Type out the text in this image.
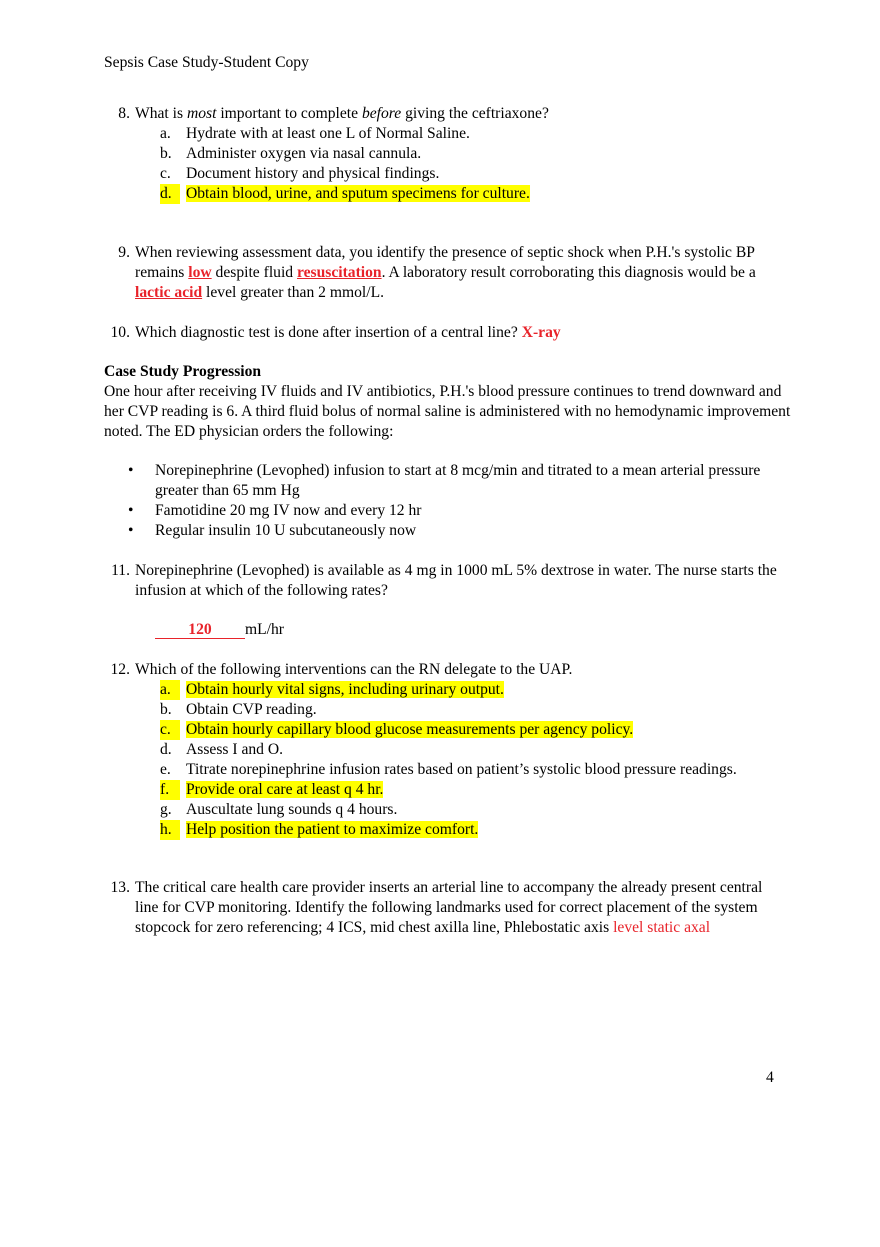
Sepsis Case Study-Student Copy
8. What is most important to complete before giving the ceftriaxone?
a. Hydrate with at least one L of Normal Saline.
b. Administer oxygen via nasal cannula.
c. Document history and physical findings.
d. Obtain blood, urine, and sputum specimens for culture.
9. When reviewing assessment data, you identify the presence of septic shock when P.H.'s systolic BP remains low despite fluid resuscitation. A laboratory result corroborating this diagnosis would be a lactic acid level greater than 2 mmol/L.
10. Which diagnostic test is done after insertion of a central line? X-ray
Case Study Progression
One hour after receiving IV fluids and IV antibiotics, P.H.'s blood pressure continues to trend downward and her CVP reading is 6. A third fluid bolus of normal saline is administered with no hemodynamic improvement noted. The ED physician orders the following:
• Norepinephrine (Levophed) infusion to start at 8 mcg/min and titrated to a mean arterial pressure greater than 65 mm Hg
• Famotidine 20 mg IV now and every 12 hr
• Regular insulin 10 U subcutaneously now
11. Norepinephrine (Levophed) is available as 4 mg in 1000 mL 5% dextrose in water. The nurse starts the infusion at which of the following rates?
120 mL/hr
12. Which of the following interventions can the RN delegate to the UAP.
a. Obtain hourly vital signs, including urinary output.
b. Obtain CVP reading.
c. Obtain hourly capillary blood glucose measurements per agency policy.
d. Assess I and O.
e. Titrate norepinephrine infusion rates based on patient’s systolic blood pressure readings.
f.	Provide oral care at least q 4 hr.
g. Auscultate lung sounds q 4 hours.
h. Help position the patient to maximize comfort.
13. The critical care health care provider inserts an arterial line to accompany the already present central line for CVP monitoring. Identify the following landmarks used for correct placement of the system stopcock for zero referencing; 4 ICS, mid chest axilla line, Phlebostatic axis level static axal
4
